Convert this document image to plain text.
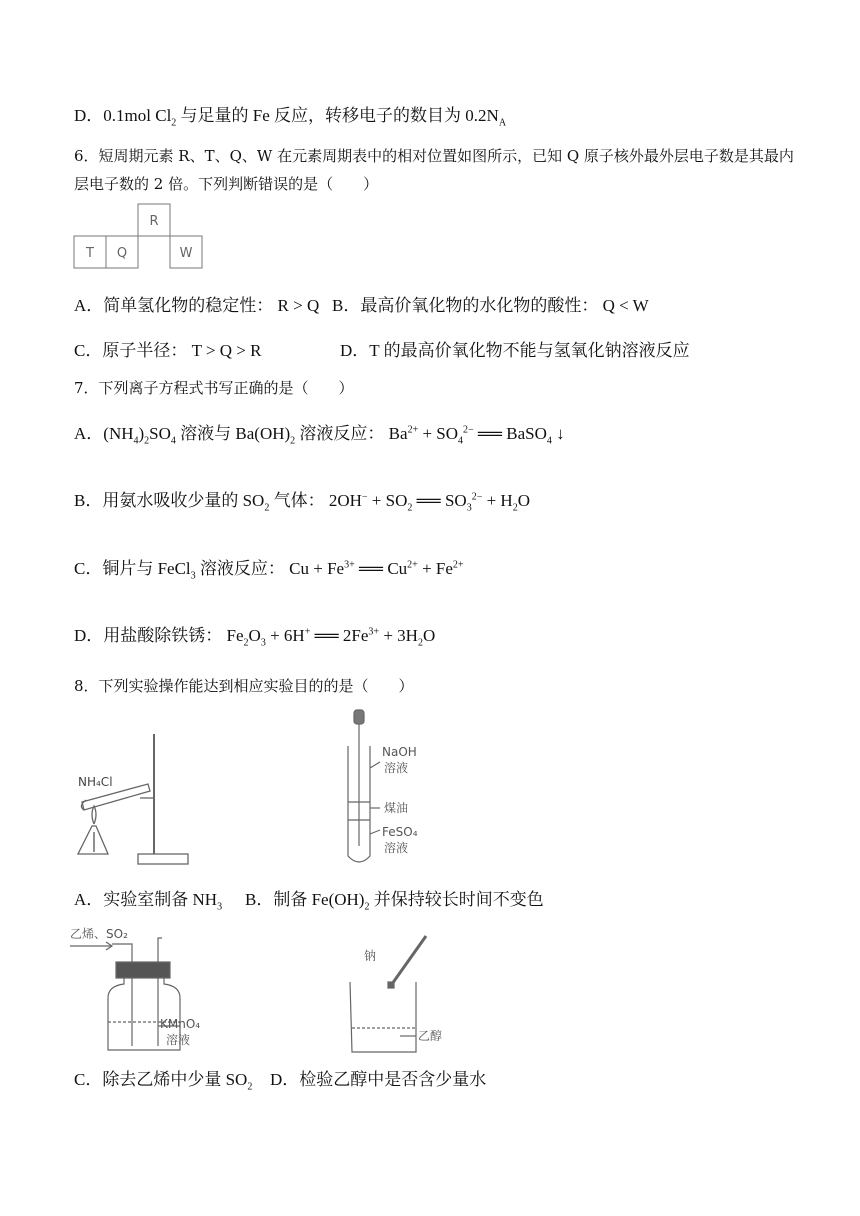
D．0.1mol $Cl_2$ 与足量的 Fe 反应，转移电子的数目为 $0.2N_A$
6．短周期元素 R、T、Q、W 在元素周期表中的相对位置如图所示，已知 Q 原子核外最外层电子数是其最内
层电子数的 2 倍。下列判断错误的是（　　）
T Q
R
W
A．简单氢化物的稳定性： R > Q B．最高价氧化物的水化物的酸性： Q < W
C．原子半径： T > Q > R	D．T 的最高价氧化物不能与氢氧化钠溶液反应
7．下列离子方程式书写正确的是（　　）
A．$(NH_4)_2SO_4$ 溶液与 $Ba(OH)_2$ 溶液反应： $Ba^{2+} + SO_4^{2-}$ ══ BaSO$_4$ ↓
B．用氨水吸收少量的 $SO_2$ 气体： $2OH^- + SO_2$ ══ $SO_3^{2-} + H_2O$
C．铜片与 FeCl$_3$ 溶液反应： $Cu + Fe^{3+}$ ══ $Cu^{2+} + Fe^{2+}$
D．用盐酸除铁锈： $Fe_2O_3 + 6H^+$ ══ $2Fe^{3+} + 3H_2O$
8．下列实验操作能达到相应实验目的的是（　　）
NH₄Cl
NaOH
溶液
煤油
FeSO₄
溶液
A．实验室制备 $NH_3$ B．制备 $Fe(OH)_2$ 并保持较长时间不变色
乙烯、SO₂
KMnO₄
溶液
钠
乙醇
C．除去乙烯中少量 $SO_2$ D．检验乙醇中是否含少量水
